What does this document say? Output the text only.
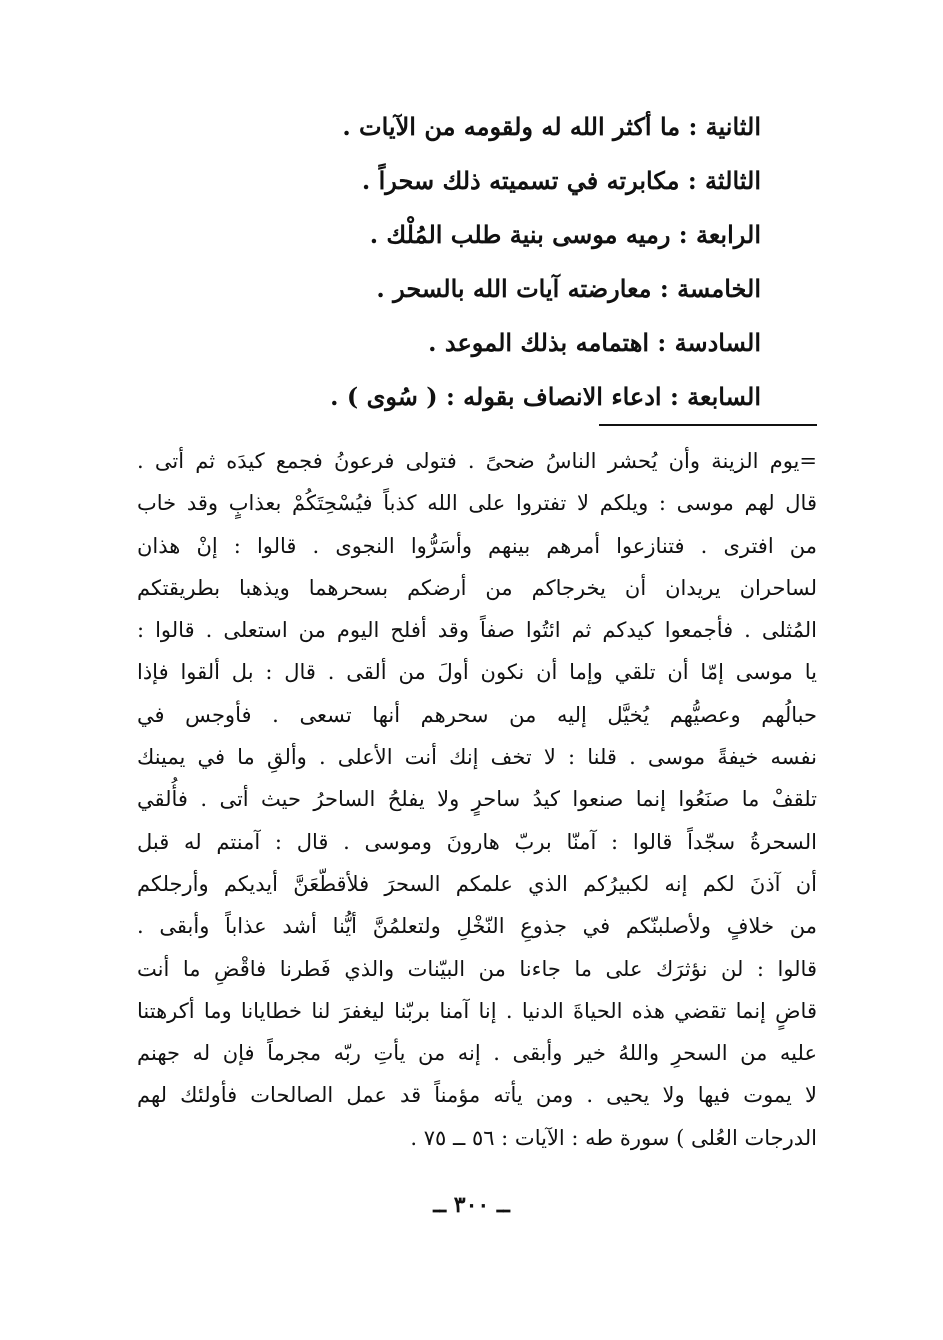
الثانية : ما أكثر الله له ولقومه من الآيات .
الثالثة : مكابرته في تسميته ذلك سحراً .
الرابعة : رميه موسى بنية طلب المُلْك .
الخامسة : معارضته آيات الله بالسحر .
السادسة : اهتمامه بذلك الموعد .
السابعة : ادعاء الانصاف بقوله : ( سُوى ) .
=يوم الزينة وأن يُحشر الناسُ ضحىً . فتولى فرعونُ فجمع كيدَه ثم أتى .
قال لهم موسى : ويلكم لا تفتروا على الله كذباً فيُسْحِتَكُمْ بعذابٍ وقد خاب
من افترى . فتنازعوا أمرهم بينهم وأسَرُّوا النجوى . قالوا : إنْ هذان
لساحران يريدان أن يخرجاكم من أرضكم بسحرهما ويذهبا بطريقتكم
المُثلى . فأجمعوا كيدكم ثم ائتُوا صفاً وقد أفلح اليوم من استعلى . قالوا :
يا موسى إمّا أن تلقي وإما أن نكون أولَ من ألقى . قال : بل ألقوا فإذا
حبالُهم وعصيُّهم يُخيَّل إليه من سحرهم أنها تسعى . فأوجس في
نفسه خيفةً موسى . قلنا : لا تخف إنك أنت الأعلى . وألقِ ما في يمينك
تلقفْ ما صنَعُوا إنما صنعوا كيدُ ساحرٍ ولا يفلحُ الساحرُ حيث أتى . فأُلقي
السحرةُ سجّداً قالوا : آمنّا بربّ هارونَ وموسى . قال : آمنتم له قبل
أن آذنَ لكم إنه لكبيرُكم الذي علمكم السحرَ فلأقطّعَنَّ أيديكم وأرجلكم
من خلافٍ ولأصلبنّكم في جذوعِ النّخْلِ ولتعلمُنَّ أيُّنا أشد عذاباً وأبقى .
قالوا : لن نؤثرَك على ما جاءنا من البيّنات والذي فَطرنا فاقْضِ ما أنت
قاضٍ إنما تقضي هذه الحياةَ الدنيا . إنا آمنا بربّنا ليغفرَ لنا خطايانا وما أكرهتنا
عليه من السحرِ واللهُ خير وأبقى . إنه من يأتِ ربّه مجرماً فإن له جهنم
لا يموت فيها ولا يحيى . ومن يأته مؤمناً قد عمل الصالحات فأولئك لهم
الدرجات العُلى ) سورة طه : الآيات : ٥٦ ــ ٧٥ .
ــ ٣٠٠ ــ
